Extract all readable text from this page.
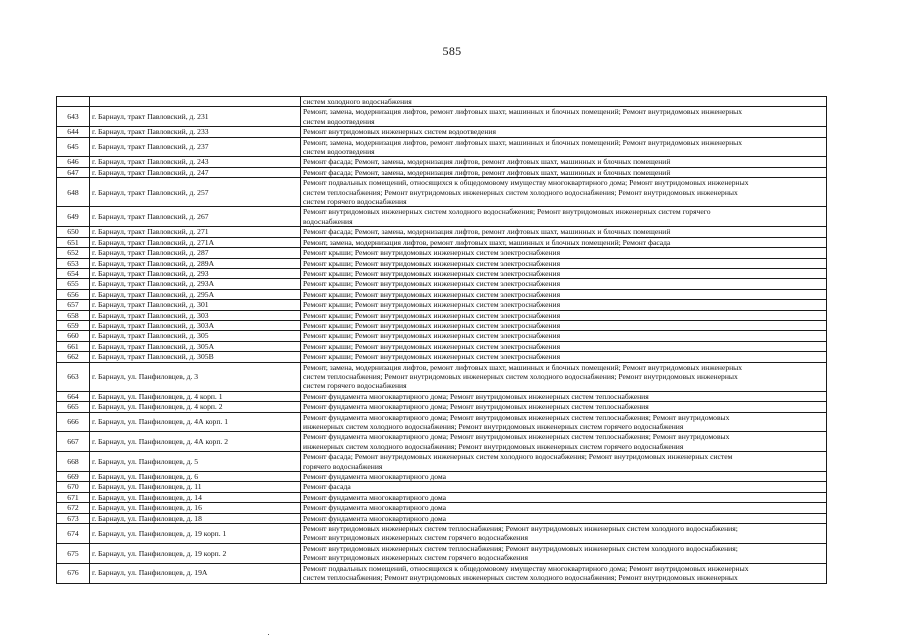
585
		систем холодного водоснабжения
643	г. Барнаул, тракт Павловский, д. 231	Ремонт, замена, модернизация лифтов, ремонт лифтовых шахт, машинных и блочных помещений; Ремонт внутридомовых инженерных
систем водоотведения
644	г. Барнаул, тракт Павловский, д. 233	Ремонт внутридомовых инженерных систем водоотведения
645	г. Барнаул, тракт Павловский, д. 237	Ремонт, замена, модернизация лифтов, ремонт лифтовых шахт, машинных и блочных помещений; Ремонт внутридомовых инженерных
систем водоотведения
646	г. Барнаул, тракт Павловский, д. 243	Ремонт фасада; Ремонт, замена, модернизация лифтов, ремонт лифтовых шахт, машинных и блочных помещений
647	г. Барнаул, тракт Павловский, д. 247	Ремонт фасада; Ремонт, замена, модернизация лифтов, ремонт лифтовых шахт, машинных и блочных помещений
648	г. Барнаул, тракт Павловский, д. 257	Ремонт подвальных помещений, относящихся к общедомовому имуществу многоквартирного дома; Ремонт внутридомовых инженерных
систем теплоснабжения; Ремонт внутридомовых инженерных систем холодного водоснабжения; Ремонт внутридомовых инженерных
систем горячего водоснабжения
649	г. Барнаул, тракт Павловский, д. 267	Ремонт внутридомовых инженерных систем холодного водоснабжения; Ремонт внутридомовых инженерных систем горячего
водоснабжения
650	г. Барнаул, тракт Павловский, д. 271	Ремонт фасада; Ремонт, замена, модернизация лифтов, ремонт лифтовых шахт, машинных и блочных помещений
651	г. Барнаул, тракт Павловский, д. 271А	Ремонт, замена, модернизация лифтов, ремонт лифтовых шахт, машинных и блочных помещений; Ремонт фасада
652	г. Барнаул, тракт Павловский, д. 287	Ремонт крыши; Ремонт внутридомовых инженерных систем электроснабжения
653	г. Барнаул, тракт Павловский, д. 289А	Ремонт крыши; Ремонт внутридомовых инженерных систем электроснабжения
654	г. Барнаул, тракт Павловский, д. 293	Ремонт крыши; Ремонт внутридомовых инженерных систем электроснабжения
655	г. Барнаул, тракт Павловский, д. 293А	Ремонт крыши; Ремонт внутридомовых инженерных систем электроснабжения
656	г. Барнаул, тракт Павловский, д. 295А	Ремонт крыши; Ремонт внутридомовых инженерных систем электроснабжения
657	г. Барнаул, тракт Павловский, д. 301	Ремонт крыши; Ремонт внутридомовых инженерных систем электроснабжения
658	г. Барнаул, тракт Павловский, д. 303	Ремонт крыши; Ремонт внутридомовых инженерных систем электроснабжения
659	г. Барнаул, тракт Павловский, д. 303А	Ремонт крыши; Ремонт внутридомовых инженерных систем электроснабжения
660	г. Барнаул, тракт Павловский, д. 305	Ремонт крыши; Ремонт внутридомовых инженерных систем электроснабжения
661	г. Барнаул, тракт Павловский, д. 305А	Ремонт крыши; Ремонт внутридомовых инженерных систем электроснабжения
662	г. Барнаул, тракт Павловский, д. 305В	Ремонт крыши; Ремонт внутридомовых инженерных систем электроснабжения
663	г. Барнаул, ул. Панфиловцев, д. 3	Ремонт, замена, модернизация лифтов, ремонт лифтовых шахт, машинных и блочных помещений; Ремонт внутридомовых инженерных
систем теплоснабжения; Ремонт внутридомовых инженерных систем холодного водоснабжения; Ремонт внутридомовых инженерных
систем горячего водоснабжения
664	г. Барнаул, ул. Панфиловцев, д. 4 корп. 1	Ремонт фундамента многоквартирного дома; Ремонт внутридомовых инженерных систем теплоснабжения
665	г. Барнаул, ул. Панфиловцев, д. 4 корп. 2	Ремонт фундамента многоквартирного дома; Ремонт внутридомовых инженерных систем теплоснабжения
666	г. Барнаул, ул. Панфиловцев, д. 4А корп. 1	Ремонт фундамента многоквартирного дома; Ремонт внутридомовых инженерных систем теплоснабжения; Ремонт внутридомовых
инженерных систем холодного водоснабжения; Ремонт внутридомовых инженерных систем горячего водоснабжения
667	г. Барнаул, ул. Панфиловцев, д. 4А корп. 2	Ремонт фундамента многоквартирного дома; Ремонт внутридомовых инженерных систем теплоснабжения; Ремонт внутридомовых
инженерных систем холодного водоснабжения; Ремонт внутридомовых инженерных систем горячего водоснабжения
668	г. Барнаул, ул. Панфиловцев, д. 5	Ремонт фасада; Ремонт внутридомовых инженерных систем холодного водоснабжения; Ремонт внутридомовых инженерных систем
горячего водоснабжения
669	г. Барнаул, ул. Панфиловцев, д. 6	Ремонт фундамента многоквартирного дома
670	г. Барнаул, ул. Панфиловцев, д. 11	Ремонт фасада
671	г. Барнаул, ул. Панфиловцев, д. 14	Ремонт фундамента многоквартирного дома
672	г. Барнаул, ул. Панфиловцев, д. 16	Ремонт фундамента многоквартирного дома
673	г. Барнаул, ул. Панфиловцев, д. 18	Ремонт фундамента многоквартирного дома
674	г. Барнаул, ул. Панфиловцев, д. 19 корп. 1	Ремонт внутридомовых инженерных систем теплоснабжения; Ремонт внутридомовых инженерных систем холодного водоснабжения;
Ремонт внутридомовых инженерных систем горячего водоснабжения
675	г. Барнаул, ул. Панфиловцев, д. 19 корп. 2	Ремонт внутридомовых инженерных систем теплоснабжения; Ремонт внутридомовых инженерных систем холодного водоснабжения;
Ремонт внутридомовых инженерных систем горячего водоснабжения
676	г. Барнаул, ул. Панфиловцев, д. 19А	Ремонт подвальных помещений, относящихся к общедомовому имуществу многоквартирного дома; Ремонт внутридомовых инженерных
систем теплоснабжения; Ремонт внутридомовых инженерных систем холодного водоснабжения; Ремонт внутридомовых инженерных
